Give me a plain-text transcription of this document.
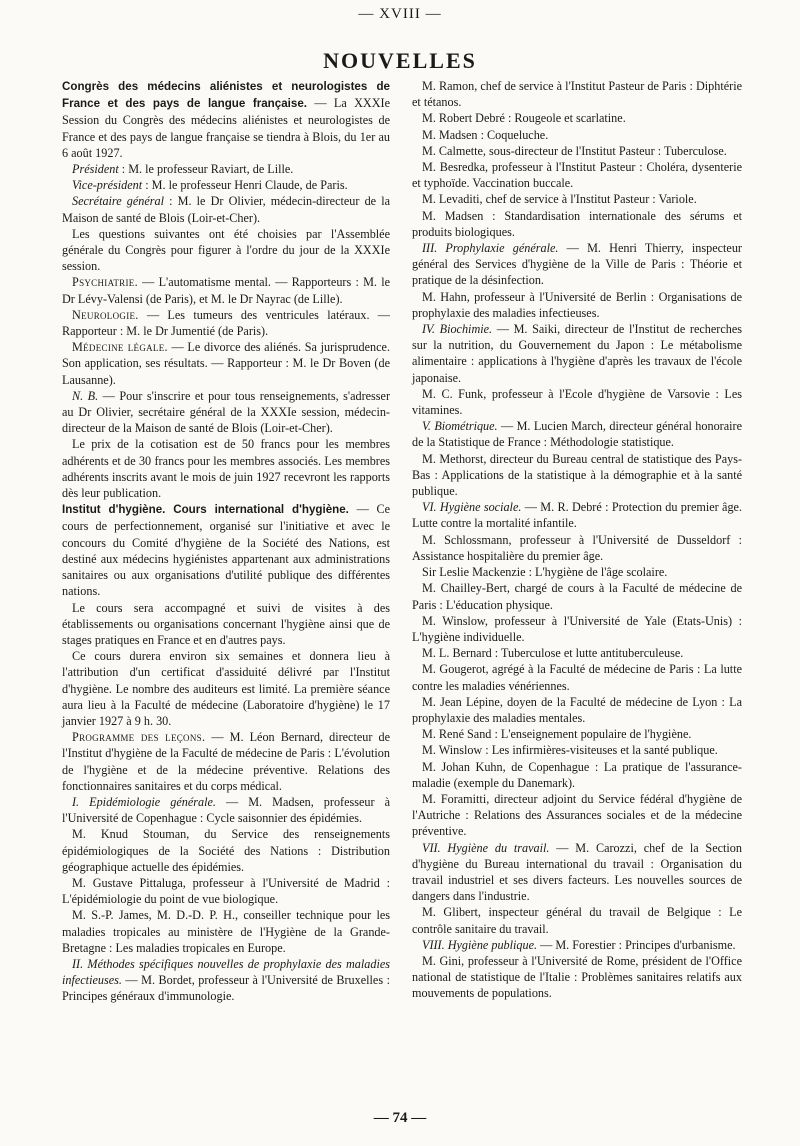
— XVIII —
NOUVELLES

Congrès des médecins aliénistes et neurologistes de France et des pays de langue française. — La XXXIe Session du Congrès des médecins aliénistes et neurologistes de France et des pays de langue française se tiendra à Blois, du 1er au 6 août 1927.

Président : M. le professeur Raviart, de Lille.

Vice-président : M. le professeur Henri Claude, de Paris.

Secrétaire général : M. le Dr Olivier, médecin-directeur de la Maison de santé de Blois (Loir-et-Cher).

Les questions suivantes ont été choisies par l'Assemblée générale du Congrès pour figurer à l'ordre du jour de la XXXIe session.

Psychiatrie. — L'automatisme mental. — Rapporteurs : M. le Dr Lévy-Valensi (de Paris), et M. le Dr Nayrac (de Lille).

Neurologie. — Les tumeurs des ventricules latéraux. — Rapporteur : M. le Dr Jumentié (de Paris).

Médecine légale. — Le divorce des aliénés. Sa jurisprudence. Son application, ses résultats. — Rapporteur : M. le Dr Boven (de Lausanne).

N. B. — Pour s'inscrire et pour tous renseignements, s'adresser au Dr Olivier, secrétaire général de la XXXIe session, médecin-directeur de la Maison de santé de Blois (Loir-et-Cher).

Le prix de la cotisation est de 50 francs pour les membres adhérents et de 30 francs pour les membres associés. Les membres adhérents inscrits avant le mois de juin 1927 recevront les rapports dès leur publication.

Institut d'hygiène. Cours international d'hygiène. — Ce cours de perfectionnement, organisé sur l'initiative et avec le concours du Comité d'hygiène de la Société des Nations, est destiné aux médecins hygiénistes appartenant aux administrations sanitaires ou aux organisations d'utilité publique des différentes nations.

Le cours sera accompagné et suivi de visites à des établissements ou organisations concernant l'hygiène ainsi que de stages pratiques en France et en d'autres pays.

Ce cours durera environ six semaines et donnera lieu à l'attribution d'un certificat d'assiduité délivré par l'Institut d'hygiène. Le nombre des auditeurs est limité. La première séance aura lieu à la Faculté de médecine (Laboratoire d'hygiène) le 17 janvier 1927 à 9 h. 30.

Programme des leçons. — M. Léon Bernard, directeur de l'Institut d'hygiène de la Faculté de médecine de Paris : L'évolution de l'hygiène et de la médecine préventive. Relations des fonctionnaires sanitaires et du corps médical.

I. Epidémiologie générale. — M. Madsen, professeur à l'Université de Copenhague : Cycle saisonnier des épidémies.

M. Knud Stouman, du Service des renseignements épidémiologiques de la Société des Nations : Distribution géographique actuelle des épidémies.

M. Gustave Pittaluga, professeur à l'Université de Madrid : L'épidémiologie du point de vue biologique.

M. S.-P. James, M. D.-D. P. H., conseiller technique pour les maladies tropicales au ministère de l'Hygiène de la Grande-Bretagne : Les maladies tropicales en Europe.

II. Méthodes spécifiques nouvelles de prophylaxie des maladies infectieuses. — M. Bordet, professeur à l'Université de Bruxelles : Principes généraux d'immunologie.

M. Ramon, chef de service à l'Institut Pasteur de Paris : Diphtérie et tétanos.

M. Robert Debré : Rougeole et scarlatine.

M. Madsen : Coqueluche.

M. Calmette, sous-directeur de l'Institut Pasteur : Tuberculose.

M. Besredka, professeur à l'Institut Pasteur : Choléra, dysenterie et typhoïde. Vaccination buccale.

M. Levaditi, chef de service à l'Institut Pasteur : Variole.

M. Madsen : Standardisation internationale des sérums et produits biologiques.

III. Prophylaxie générale. — M. Henri Thierry, inspecteur général des Services d'hygiène de la Ville de Paris : Théorie et pratique de la désinfection.

M. Hahn, professeur à l'Université de Berlin : Organisations de prophylaxie des maladies infectieuses.

IV. Biochimie. — M. Saiki, directeur de l'Institut de recherches sur la nutrition, du Gouvernement du Japon : Le métabolisme alimentaire : applications à l'hygiène d'après les travaux de l'école japonaise.

M. C. Funk, professeur à l'Ecole d'hygiène de Varsovie : Les vitamines.

V. Biométrique. — M. Lucien March, directeur général honoraire de la Statistique de France : Méthodologie statistique.

M. Methorst, directeur du Bureau central de statistique des Pays-Bas : Applications de la statistique à la démographie et à la santé publique.

VI. Hygiène sociale. — M. R. Debré : Protection du premier âge. Lutte contre la mortalité infantile.

M. Schlossmann, professeur à l'Université de Dusseldorf : Assistance hospitalière du premier âge.

Sir Leslie Mackenzie : L'hygiène de l'âge scolaire.

M. Chailley-Bert, chargé de cours à la Faculté de médecine de Paris : L'éducation physique.

M. Winslow, professeur à l'Université de Yale (Etats-Unis) : L'hygiène individuelle.

M. L. Bernard : Tuberculose et lutte antituberculeuse.

M. Gougerot, agrégé à la Faculté de médecine de Paris : La lutte contre les maladies vénériennes.

M. Jean Lépine, doyen de la Faculté de médecine de Lyon : La prophylaxie des maladies mentales.

M. René Sand : L'enseignement populaire de l'hygiène.

M. Winslow : Les infirmières-visiteuses et la santé publique.

M. Johan Kuhn, de Copenhague : La pratique de l'assurance-maladie (exemple du Danemark).

M. Foramitti, directeur adjoint du Service fédéral d'hygiène de l'Autriche : Relations des Assurances sociales et de la médecine préventive.

VII. Hygiène du travail. — M. Carozzi, chef de la Section d'hygiène du Bureau international du travail : Organisation du travail industriel et ses divers facteurs. Les nouvelles sources de dangers dans l'industrie.

M. Glibert, inspecteur général du travail de Belgique : Le contrôle sanitaire du travail.

VIII. Hygiène publique. — M. Forestier : Principes d'urbanisme.

M. Gini, professeur à l'Université de Rome, président de l'Office national de statistique de l'Italie : Problèmes sanitaires relatifs aux mouvements de populations.

— 74 —
